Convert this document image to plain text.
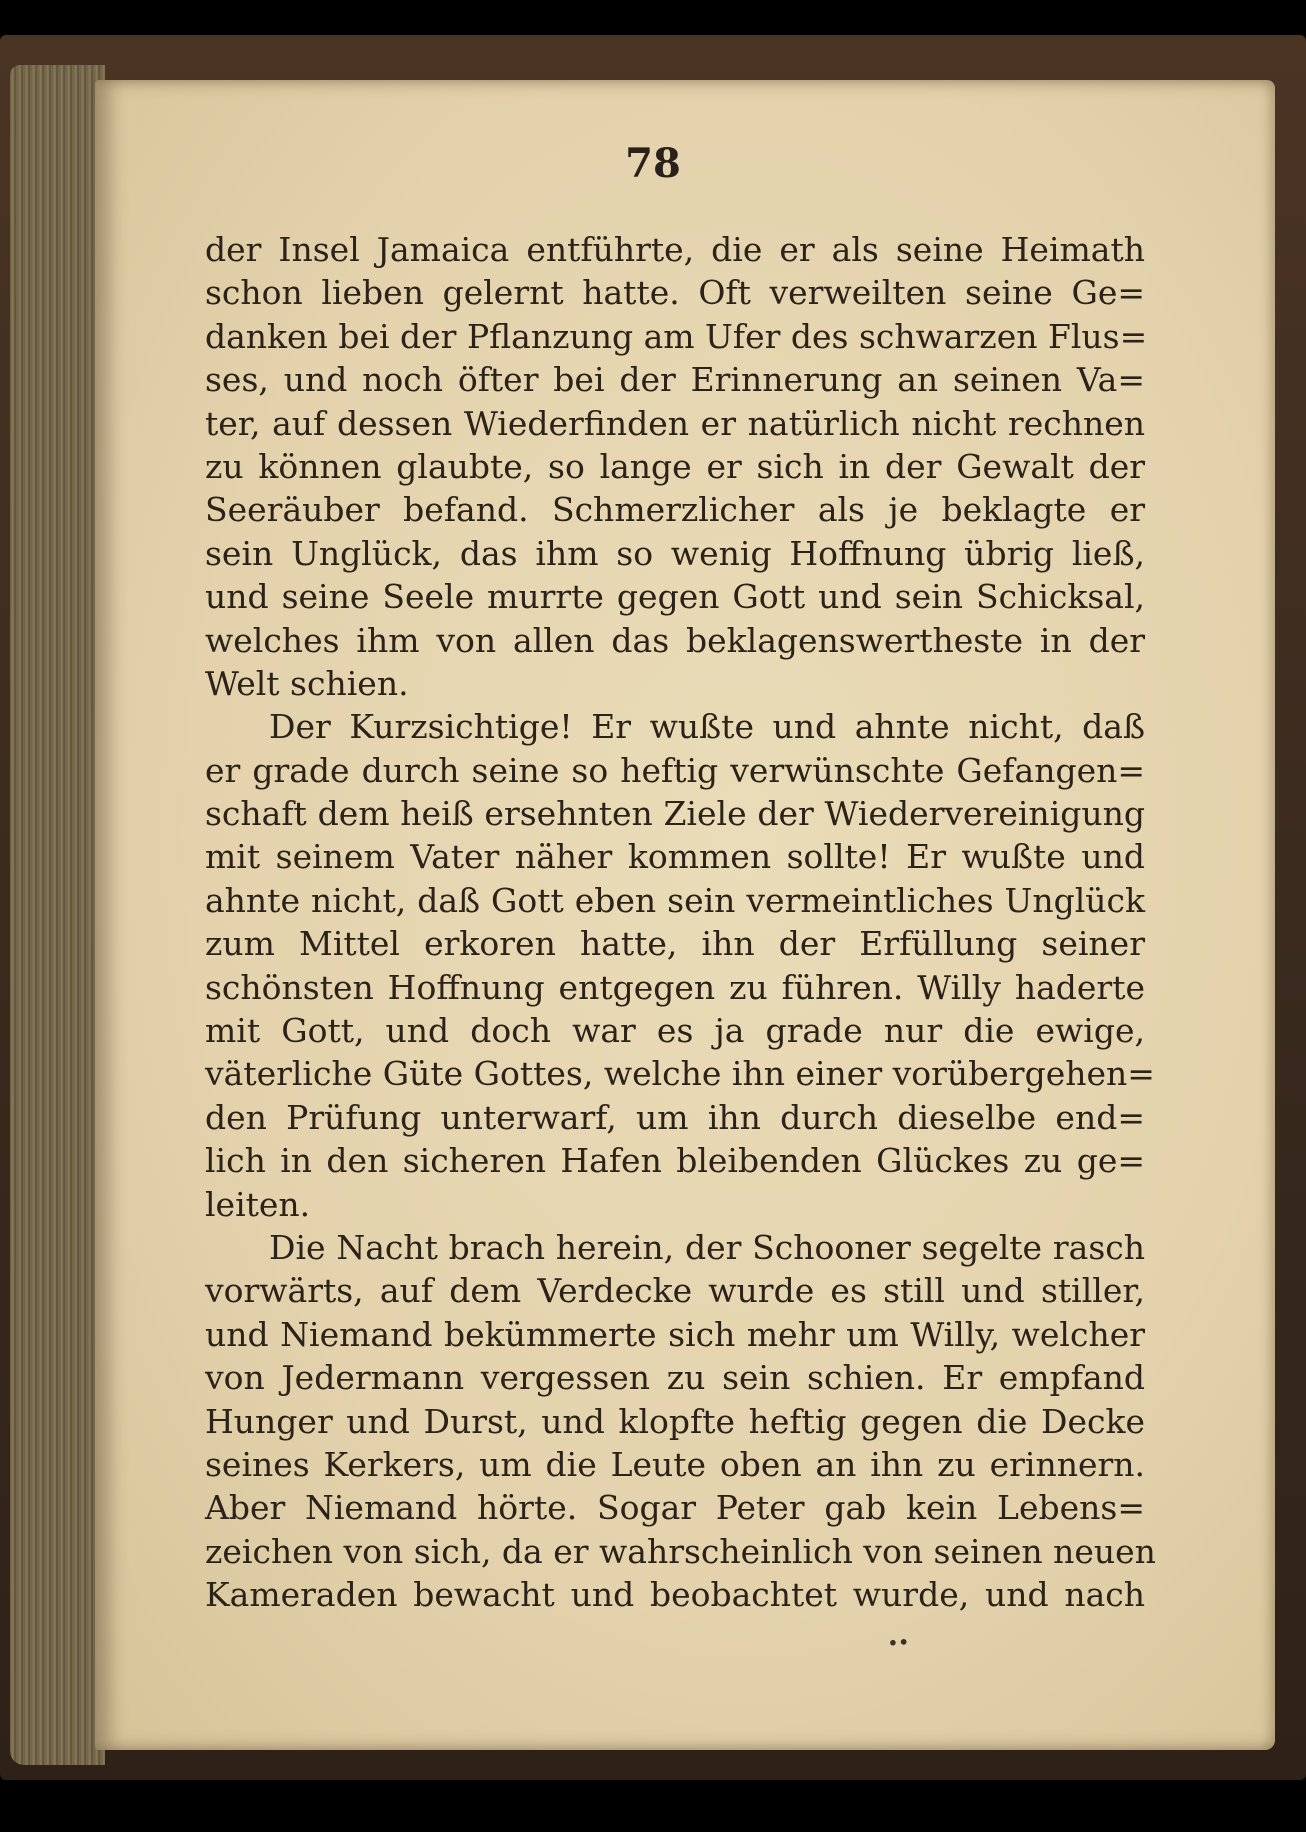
78
der Insel Jamaica entführte, die er als seine Heimath
schon lieben gelernt hatte. Oft verweilten seine Ge=
danken bei der Pflanzung am Ufer des schwarzen Flus=
ses, und noch öfter bei der Erinnerung an seinen Va=
ter, auf dessen Wiederfinden er natürlich nicht rechnen
zu können glaubte, so lange er sich in der Gewalt der
Seeräuber befand. Schmerzlicher als je beklagte er
sein Unglück, das ihm so wenig Hoffnung übrig ließ,
und seine Seele murrte gegen Gott und sein Schicksal,
welches ihm von allen das beklagenswertheste in der
Welt schien.
Der Kurzsichtige! Er wußte und ahnte nicht, daß
er grade durch seine so heftig verwünschte Gefangen=
schaft dem heiß ersehnten Ziele der Wiedervereinigung
mit seinem Vater näher kommen sollte! Er wußte und
ahnte nicht, daß Gott eben sein vermeintliches Unglück
zum Mittel erkoren hatte, ihn der Erfüllung seiner
schönsten Hoffnung entgegen zu führen. Willy haderte
mit Gott, und doch war es ja grade nur die ewige,
väterliche Güte Gottes, welche ihn einer vorübergehen=
den Prüfung unterwarf, um ihn durch dieselbe end=
lich in den sicheren Hafen bleibenden Glückes zu ge=
leiten.
Die Nacht brach herein, der Schooner segelte rasch
vorwärts, auf dem Verdecke wurde es still und stiller,
und Niemand bekümmerte sich mehr um Willy, welcher
von Jedermann vergessen zu sein schien. Er empfand
Hunger und Durst, und klopfte heftig gegen die Decke
seines Kerkers, um die Leute oben an ihn zu erinnern.
Aber Niemand hörte. Sogar Peter gab kein Lebens=
zeichen von sich, da er wahrscheinlich von seinen neuen
Kameraden bewacht und beobachtet wurde, und nach
∙•
